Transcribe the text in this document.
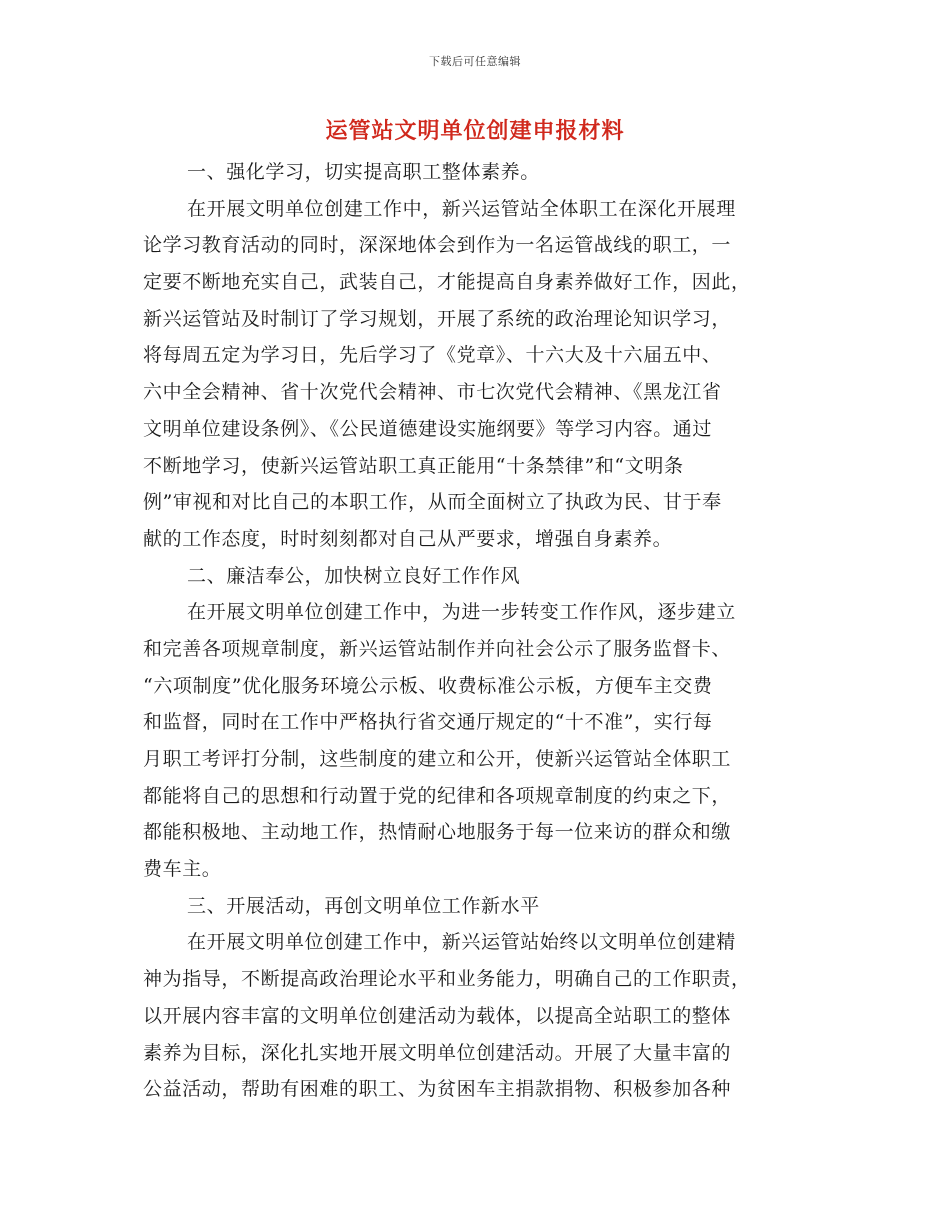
下载后可任意编辑
运管站文明单位创建申报材料
一、强化学习，切实提高职工整体素养。
在开展文明单位创建工作中，新兴运管站全体职工在深化开展理
论学习教育活动的同时，深深地体会到作为一名运管战线的职工，一
定要不断地充实自己，武装自己，才能提高自身素养做好工作，因此，
新兴运管站及时制订了学习规划，开展了系统的政治理论知识学习，
将每周五定为学习日，先后学习了《党章》、十六大及十六届五中、
六中全会精神、省十次党代会精神、市七次党代会精神、《黑龙江省
文明单位建设条例》、《公民道德建设实施纲要》等学习内容。通过
不断地学习，使新兴运管站职工真正能用“十条禁律”和“文明条
例”审视和对比自己的本职工作，从而全面树立了执政为民、甘于奉
献的工作态度，时时刻刻都对自己从严要求，增强自身素养。
二、廉洁奉公，加快树立良好工作作风
在开展文明单位创建工作中，为进一步转变工作作风，逐步建立
和完善各项规章制度，新兴运管站制作并向社会公示了服务监督卡、
“六项制度”优化服务环境公示板、收费标准公示板，方便车主交费
和监督，同时在工作中严格执行省交通厅规定的“十不准”，实行每
月职工考评打分制，这些制度的建立和公开，使新兴运管站全体职工
都能将自己的思想和行动置于党的纪律和各项规章制度的约束之下，
都能积极地、主动地工作，热情耐心地服务于每一位来访的群众和缴
费车主。
三、开展活动，再创文明单位工作新水平
在开展文明单位创建工作中，新兴运管站始终以文明单位创建精
神为指导，不断提高政治理论水平和业务能力，明确自己的工作职责，
以开展内容丰富的文明单位创建活动为载体，以提高全站职工的整体
素养为目标，深化扎实地开展文明单位创建活动。开展了大量丰富的
公益活动，帮助有困难的职工、为贫困车主捐款捐物、积极参加各种
